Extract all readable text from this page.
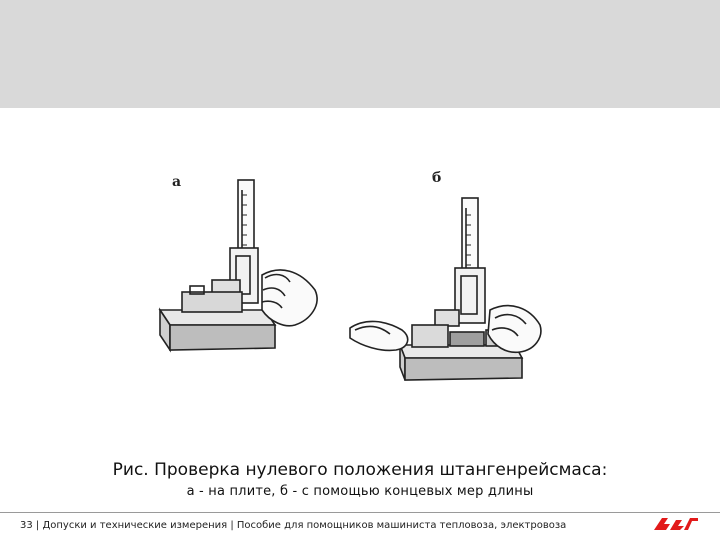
а	б
Рис. Проверка нулевого положения штангенрейсмаса:
а - на плите, б - с помощью концевых мер длины
33 | Допуски и технические измерения | Пособие для помощников машиниста тепловоза, электровоза
